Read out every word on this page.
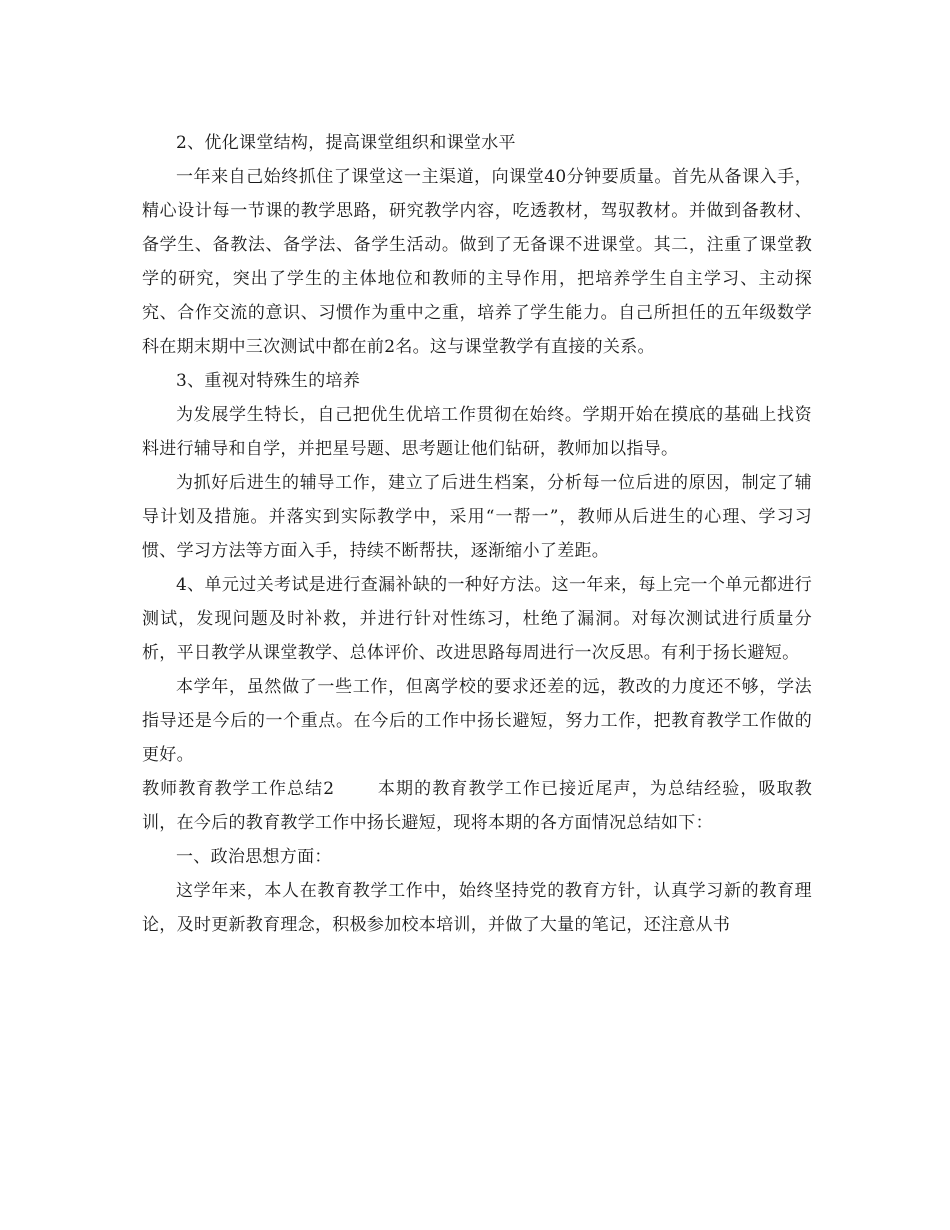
2、优化课堂结构，提高课堂组织和课堂水平

一年来自己始终抓住了课堂这一主渠道，向课堂40分钟要质量。首先从备课入手，精心设计每一节课的教学思路，研究教学内容，吃透教材，驾驭教材。并做到备教材、备学生、备教法、备学法、备学生活动。做到了无备课不进课堂。其二，注重了课堂教学的研究，突出了学生的主体地位和教师的主导作用，把培养学生自主学习、主动探究、合作交流的意识、习惯作为重中之重，培养了学生能力。自己所担任的五年级数学科在期末期中三次测试中都在前2名。这与课堂教学有直接的关系。

3、重视对特殊生的培养

为发展学生特长，自己把优生优培工作贯彻在始终。学期开始在摸底的基础上找资料进行辅导和自学，并把星号题、思考题让他们钻研，教师加以指导。

为抓好后进生的辅导工作，建立了后进生档案，分析每一位后进的原因，制定了辅导计划及措施。并落实到实际教学中，采用“一帮一”，教师从后进生的心理、学习习惯、学习方法等方面入手，持续不断帮扶，逐渐缩小了差距。

4、单元过关考试是进行查漏补缺的一种好方法。这一年来，每上完一个单元都进行测试，发现问题及时补救，并进行针对性练习，杜绝了漏洞。对每次测试进行质量分析，平日教学从课堂教学、总体评价、改进思路每周进行一次反思。有利于扬长避短。

本学年，虽然做了一些工作，但离学校的要求还差的远，教改的力度还不够，学法指导还是今后的一个重点。在今后的工作中扬长避短，努力工作，把教育教学工作做的更好。

教师教育教学工作总结2　　	本期的教育教学工作已接近尾声，为总结经验，吸取教训，在今后的教育教学工作中扬长避短，现将本期的各方面情况总结如下：

一、政治思想方面：

这学年来，本人在教育教学工作中，始终坚持党的教育方针，认真学习新的教育理论，及时更新教育理念，积极参加校本培训，并做了大量的笔记，还注意从书
